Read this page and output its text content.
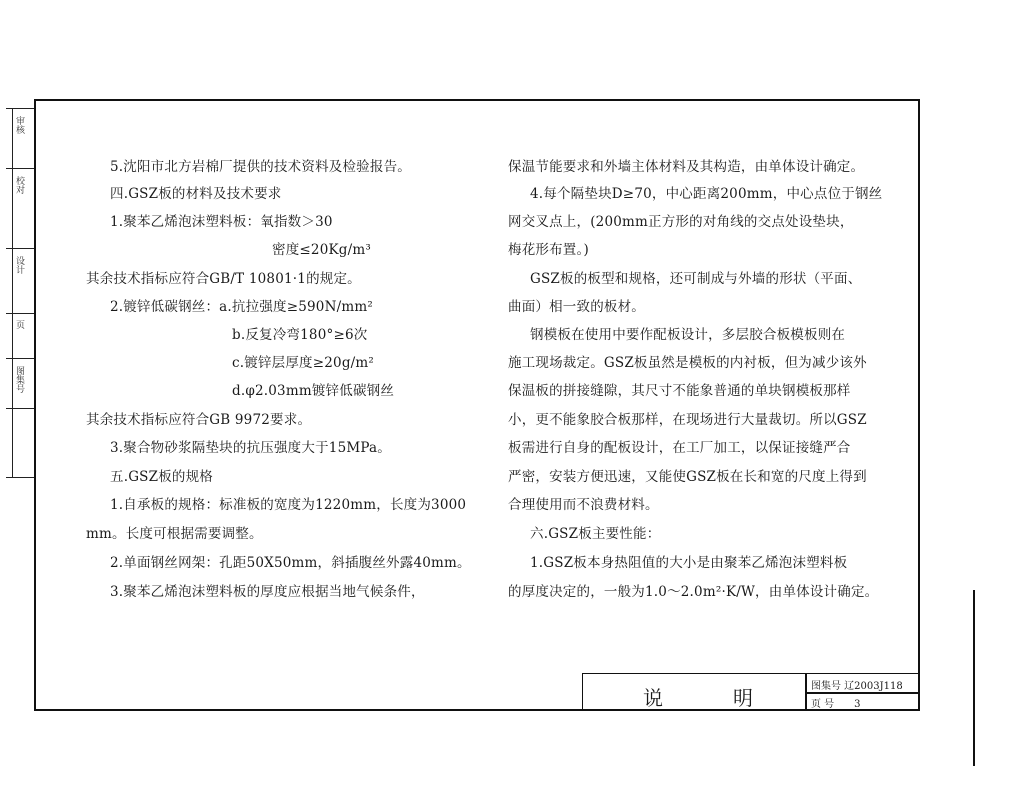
审核
校对
设计
页
图集号
5.沈阳市北方岩棉厂提供的技术资料及检验报告。
四.GSZ板的材料及技术要求
1.聚苯乙烯泡沫塑料板：氧指数＞30
密度≤20Kg/m³
其余技术指标应符合GB/T 10801·1的规定。
2.镀锌低碳钢丝：a.抗拉强度≥590N/mm²
b.反复冷弯180°≥6次
c.镀锌层厚度≥20g/m²
d.φ2.03mm镀锌低碳钢丝
其余技术指标应符合GB 9972要求。
3.聚合物砂浆隔垫块的抗压强度大于15MPa。
五.GSZ板的规格
1.自承板的规格：标准板的宽度为1220mm，长度为3000
mm。长度可根据需要调整。
2.单面钢丝网架：孔距50X50mm，斜插腹丝外露40mm。
3.聚苯乙烯泡沫塑料板的厚度应根据当地气候条件，
保温节能要求和外墙主体材料及其构造，由单体设计确定。
4.每个隔垫块D≥70，中心距离200mm，中心点位于钢丝
网交叉点上，(200mm正方形的对角线的交点处设垫块，
梅花形布置。)
GSZ板的板型和规格，还可制成与外墙的形状（平面、
曲面）相一致的板材。
钢模板在使用中要作配板设计，多层胶合板模板则在
施工现场裁定。GSZ板虽然是模板的内衬板，但为减少该外
保温板的拼接缝隙，其尺寸不能象普通的单块钢模板那样
小，更不能象胶合板那样，在现场进行大量裁切。所以GSZ
板需进行自身的配板设计，在工厂加工，以保证接缝严合
严密，安装方便迅速，又能使GSZ板在长和宽的尺度上得到
合理使用而不浪费材料。
六.GSZ板主要性能：
1.GSZ板本身热阻值的大小是由聚苯乙烯泡沫塑料板
的厚度决定的，一般为1.0～2.0m²·K/W，由单体设计确定。
说	明	图集号 辽2003J118
页 号　　3
